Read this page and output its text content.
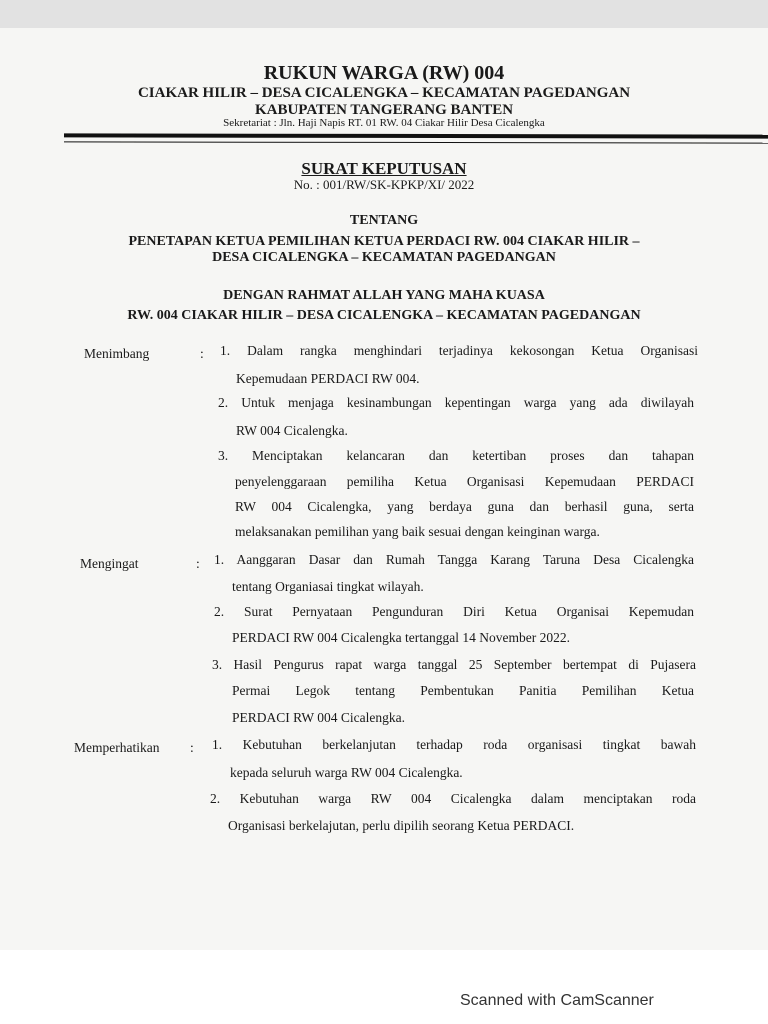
RUKUN WARGA (RW) 004
CIAKAR HILIR – DESA CICALENGKA – KECAMATAN PAGEDANGAN
KABUPATEN TANGERANG BANTEN
Sekretariat : Jln. Haji Napis RT. 01 RW. 04 Ciakar Hilir Desa Cicalengka
SURAT KEPUTUSAN
No. : 001/RW/SK-KPKP/XI/ 2022
TENTANG
PENETAPAN KETUA PEMILIHAN KETUA PERDACI RW. 004 CIAKAR HILIR –
DESA CICALENGKA – KECAMATAN PAGEDANGAN
DENGAN RAHMAT ALLAH YANG MAHA KUASA
RW. 004 CIAKAR HILIR – DESA CICALENGKA – KECAMATAN PAGEDANGAN
Menimbang	: 1. Dalam rangka menghindari terjadinya kekosongan Ketua Organisasi
Kepemudaan PERDACI RW 004.
2. Untuk menjaga kesinambungan kepentingan warga yang ada diwilayah
RW 004 Cicalengka.
3. Menciptakan kelancaran dan ketertiban proses dan tahapan
penyelenggaraan pemiliha Ketua Organisasi Kepemudaan PERDACI
RW 004 Cicalengka, yang berdaya guna dan berhasil guna, serta
melaksanakan pemilihan yang baik sesuai dengan keinginan warga.
Mengingat	: 1. Aanggaran Dasar dan Rumah Tangga Karang Taruna Desa Cicalengka
tentang Organiasai tingkat wilayah.
2. Surat Pernyataan Pengunduran Diri Ketua Organisai Kepemudan
PERDACI RW 004 Cicalengka tertanggal 14 November 2022.
3. Hasil Pengurus rapat warga tanggal 25 September bertempat di Pujasera
Permai Legok tentang Pembentukan Panitia Pemilihan Ketua
PERDACI RW 004 Cicalengka.
Memperhatikan : 1. Kebutuhan berkelanjutan terhadap roda organisasi tingkat bawah
kepada seluruh warga RW 004 Cicalengka.
2. Kebutuhan warga RW 004 Cicalengka dalam menciptakan roda
Organisasi berkelajutan, perlu dipilih seorang Ketua PERDACI.
Scanned with CamScanner
